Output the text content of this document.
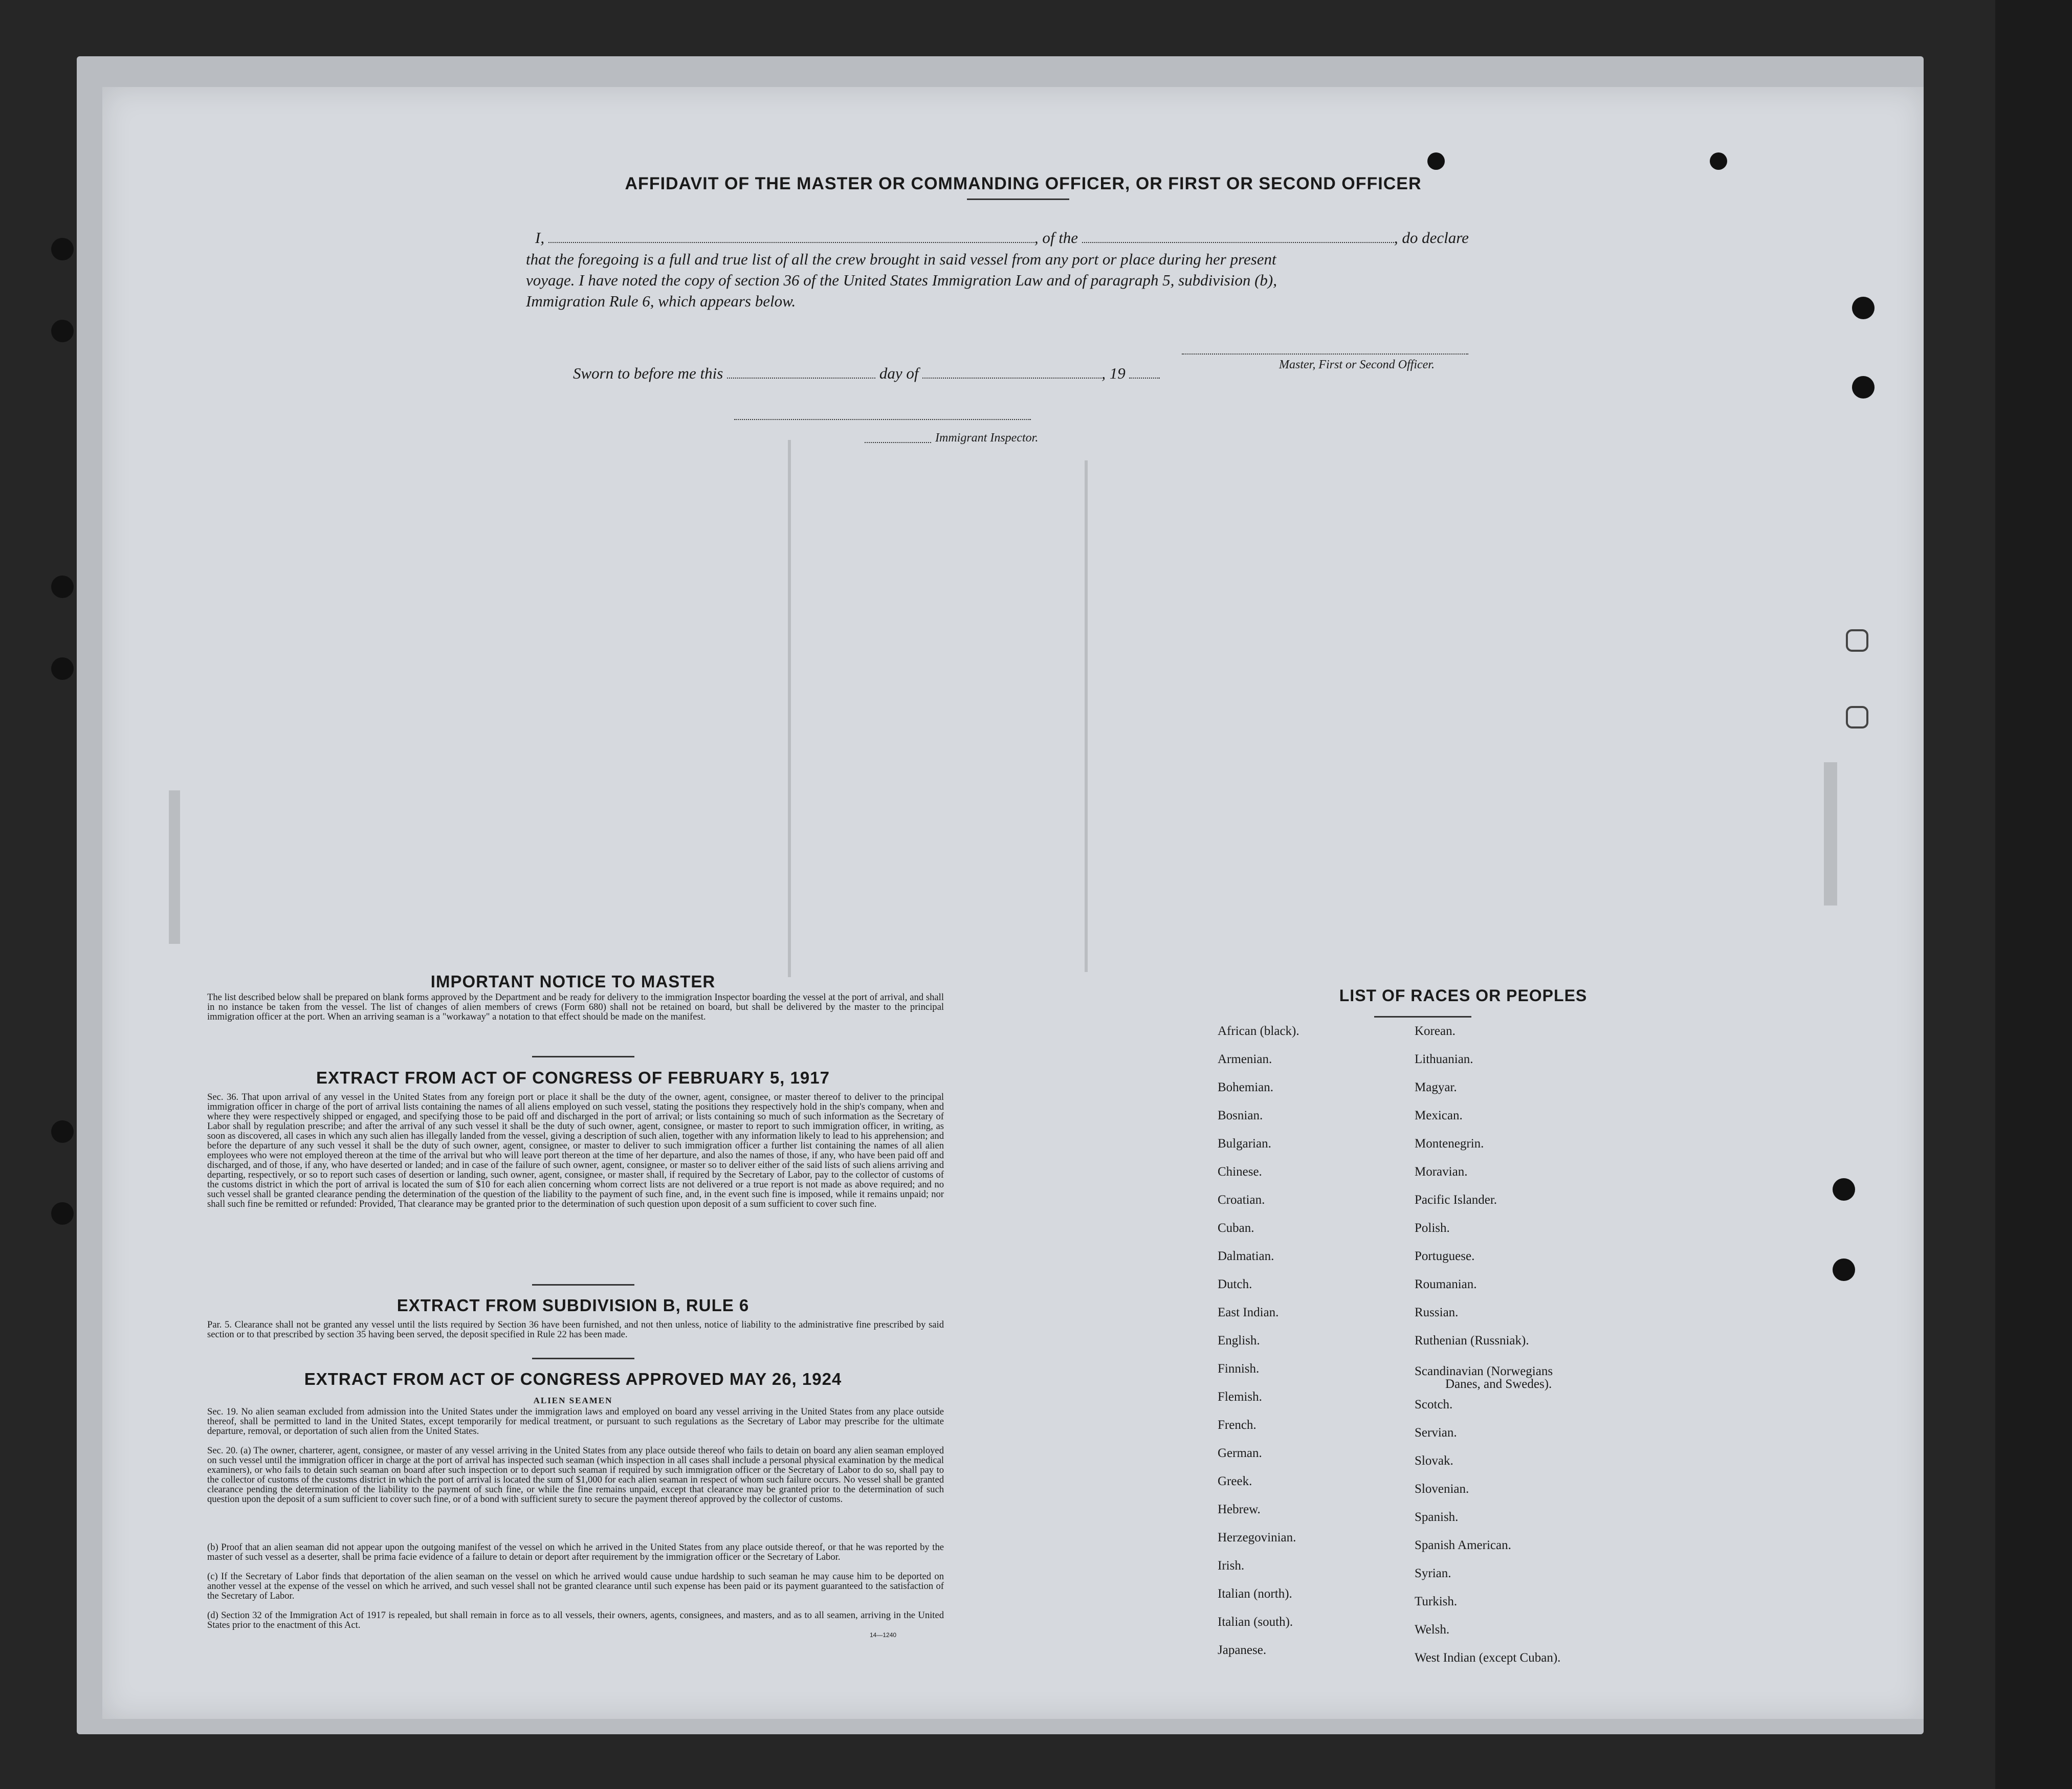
AFFIDAVIT OF THE MASTER OR COMMANDING OFFICER, OR FIRST OR SECOND OFFICER
I,	, of the	, do declare
that the foregoing is a full and true list of all the crew brought in said vessel from any port or place during her present
voyage. I have noted the copy of section 36 of the United States Immigration Law and of paragraph 5, subdivision (b),
Immigration Rule 6, which appears below.
Master, First or Second Officer.
Sworn to before me this	day of	, 19
Immigrant Inspector.
IMPORTANT NOTICE TO MASTER
The list described below shall be prepared on blank forms approved by the Department and be ready for delivery to the immigration Inspector boarding the vessel at the port of arrival, and shall in no instance be taken from the vessel. The list of changes of alien members of crews (Form 680) shall not be retained on board, but shall be delivered by the master to the principal immigration officer at the port. When an arriving seaman is a "workaway" a notation to that effect should be made on the manifest.
EXTRACT FROM ACT OF CONGRESS OF FEBRUARY 5, 1917
Sec. 36. That upon arrival of any vessel in the United States from any foreign port or place it shall be the duty of the owner, agent, consignee, or master thereof to deliver to the principal immigration officer in charge of the port of arrival lists containing the names of all aliens employed on such vessel, stating the positions they respectively hold in the ship's company, when and where they were respectively shipped or engaged, and specifying those to be paid off and discharged in the port of arrival; or lists containing so much of such information as the Secretary of Labor shall by regulation prescribe; and after the arrival of any such vessel it shall be the duty of such owner, agent, consignee, or master to report to such immigration officer, in writing, as soon as discovered, all cases in which any such alien has illegally landed from the vessel, giving a description of such alien, together with any information likely to lead to his apprehension; and before the departure of any such vessel it shall be the duty of such owner, agent, consignee, or master to deliver to such immigration officer a further list containing the names of all alien employees who were not employed thereon at the time of the arrival but who will leave port thereon at the time of her departure, and also the names of those, if any, who have been paid off and discharged, and of those, if any, who have deserted or landed; and in case of the failure of such owner, agent, consignee, or master so to deliver either of the said lists of such aliens arriving and departing, respectively, or so to report such cases of desertion or landing, such owner, agent, consignee, or master shall, if required by the Secretary of Labor, pay to the collector of customs of the customs district in which the port of arrival is located the sum of $10 for each alien concerning whom correct lists are not delivered or a true report is not made as above required; and no such vessel shall be granted clearance pending the determination of the question of the liability to the payment of such fine, and, in the event such fine is imposed, while it remains unpaid; nor shall such fine be remitted or refunded: Provided, That clearance may be granted prior to the determination of such question upon deposit of a sum sufficient to cover such fine.
EXTRACT FROM SUBDIVISION B, RULE 6
Par. 5. Clearance shall not be granted any vessel until the lists required by Section 36 have been furnished, and not then unless, notice of liability to the administrative fine prescribed by said section or to that prescribed by section 35 having been served, the deposit specified in Rule 22 has been made.
EXTRACT FROM ACT OF CONGRESS APPROVED MAY 26, 1924
ALIEN SEAMEN
Sec. 19. No alien seaman excluded from admission into the United States under the immigration laws and employed on board any vessel arriving in the United States from any place outside thereof, shall be permitted to land in the United States, except temporarily for medical treatment, or pursuant to such regulations as the Secretary of Labor may prescribe for the ultimate departure, removal, or deportation of such alien from the United States.
Sec. 20. (a) The owner, charterer, agent, consignee, or master of any vessel arriving in the United States from any place outside thereof who fails to detain on board any alien seaman employed on such vessel until the immigration officer in charge at the port of arrival has inspected such seaman (which inspection in all cases shall include a personal physical examination by the medical examiners), or who fails to detain such seaman on board after such inspection or to deport such seaman if required by such immigration officer or the Secretary of Labor to do so, shall pay to the collector of customs of the customs district in which the port of arrival is located the sum of $1,000 for each alien seaman in respect of whom such failure occurs. No vessel shall be granted clearance pending the determination of the liability to the payment of such fine, or while the fine remains unpaid, except that clearance may be granted prior to the determination of such question upon the deposit of a sum sufficient to cover such fine, or of a bond with sufficient surety to secure the payment thereof approved by the collector of customs.
(b) Proof that an alien seaman did not appear upon the outgoing manifest of the vessel on which he arrived in the United States from any place outside thereof, or that he was reported by the master of such vessel as a deserter, shall be prima facie evidence of a failure to detain or deport after requirement by the immigration officer or the Secretary of Labor.
(c) If the Secretary of Labor finds that deportation of the alien seaman on the vessel on which he arrived would cause undue hardship to such seaman he may cause him to be deported on another vessel at the expense of the vessel on which he arrived, and such vessel shall not be granted clearance until such expense has been paid or its payment guaranteed to the satisfaction of the Secretary of Labor.
(d) Section 32 of the Immigration Act of 1917 is repealed, but shall remain in force as to all vessels, their owners, agents, consignees, and masters, and as to all seamen, arriving in the United States prior to the enactment of this Act.
14—1240
LIST OF RACES OR PEOPLES
African (black).
Armenian.
Bohemian.
Bosnian.
Bulgarian.
Chinese.
Croatian.
Cuban.
Dalmatian.
Dutch.
East Indian.
English.
Finnish.
Flemish.
French.
German.
Greek.
Hebrew.
Herzegovinian.
Irish.
Italian (north).
Italian (south).
Japanese.
Korean.
Lithuanian.
Magyar.
Mexican.
Montenegrin.
Moravian.
Pacific Islander.
Polish.
Portuguese.
Roumanian.
Russian.
Ruthenian (Russniak).
Scandinavian (Norwegians
Danes, and Swedes).
Scotch.
Servian.
Slovak.
Slovenian.
Spanish.
Spanish American.
Syrian.
Turkish.
Welsh.
West Indian (except Cuban).
